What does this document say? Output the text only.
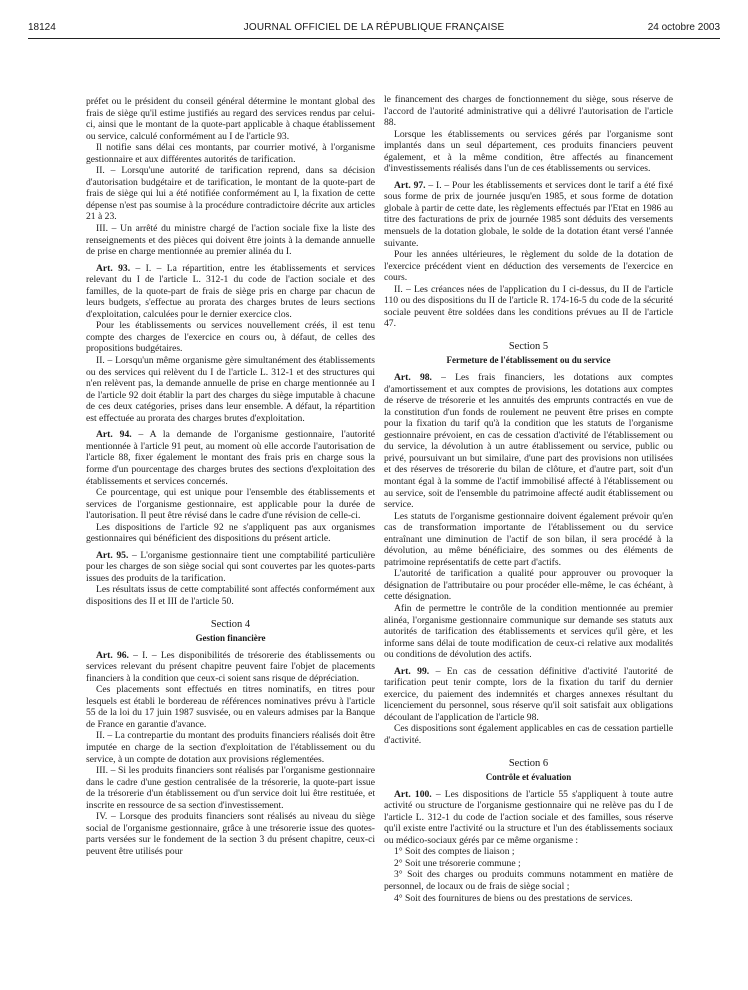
18124	JOURNAL OFFICIEL DE LA RÉPUBLIQUE FRANÇAISE	24 octobre 2003

préfet ou le président du conseil général détermine le montant global des frais de siège qu'il estime justifiés au regard des services rendus par celui-ci, ainsi que le montant de la quote-part applicable à chaque établissement ou service, calculé conformément au I de l'article 93.

Il notifie sans délai ces montants, par courrier motivé, à l'organisme gestionnaire et aux différentes autorités de tarification.

II. – Lorsqu'une autorité de tarification reprend, dans sa décision d'autorisation budgétaire et de tarification, le montant de la quote-part de frais de siège qui lui a été notifiée conformément au I, la fixation de cette dépense n'est pas soumise à la procédure contradictoire décrite aux articles 21 à 23.

III. – Un arrêté du ministre chargé de l'action sociale fixe la liste des renseignements et des pièces qui doivent être joints à la demande annuelle de prise en charge mentionnée au premier alinéa du I.

Art. 93. – I. – La répartition, entre les établissements et services relevant du I de l'article L. 312-1 du code de l'action sociale et des familles, de la quote-part de frais de siège pris en charge par chacun de leurs budgets, s'effectue au prorata des charges brutes de leurs sections d'exploitation, calculées pour le dernier exercice clos.

Pour les établissements ou services nouvellement créés, il est tenu compte des charges de l'exercice en cours ou, à défaut, de celles des propositions budgétaires.

II. – Lorsqu'un même organisme gère simultanément des établissements ou des services qui relèvent du I de l'article L. 312-1 et des structures qui n'en relèvent pas, la demande annuelle de prise en charge mentionnée au I de l'article 92 doit établir la part des charges du siège imputable à chacune de ces deux catégories, prises dans leur ensemble. A défaut, la répartition est effectuée au prorata des charges brutes d'exploitation.

Art. 94. – A la demande de l'organisme gestionnaire, l'autorité mentionnée à l'article 91 peut, au moment où elle accorde l'autorisation de l'article 88, fixer également le montant des frais pris en charge sous la forme d'un pourcentage des charges brutes des sections d'exploitation des établissements et services concernés.

Ce pourcentage, qui est unique pour l'ensemble des établissements et services de l'organisme gestionnaire, est applicable pour la durée de l'autorisation. Il peut être révisé dans le cadre d'une révision de celle-ci.

Les dispositions de l'article 92 ne s'appliquent pas aux organismes gestionnaires qui bénéficient des dispositions du présent article.

Art. 95. – L'organisme gestionnaire tient une comptabilité particulière pour les charges de son siège social qui sont couvertes par les quotes-parts issues des produits de la tarification.

Les résultats issus de cette comptabilité sont affectés conformément aux dispositions des II et III de l'article 50.

Section 4
Gestion financière

Art. 96. – I. – Les disponibilités de trésorerie des établissements ou services relevant du présent chapitre peuvent faire l'objet de placements financiers à la condition que ceux-ci soient sans risque de dépréciation.

Ces placements sont effectués en titres nominatifs, en titres pour lesquels est établi le bordereau de références nominatives prévu à l'article 55 de la loi du 17 juin 1987 susvisée, ou en valeurs admises par la Banque de France en garantie d'avance.

II. – La contrepartie du montant des produits financiers réalisés doit être imputée en charge de la section d'exploitation de l'établissement ou du service, à un compte de dotation aux provisions réglementées.

III. – Si les produits financiers sont réalisés par l'organisme gestionnaire dans le cadre d'une gestion centralisée de la trésorerie, la quote-part issue de la trésorerie d'un établissement ou d'un service doit lui être restituée, et inscrite en ressource de sa section d'investissement.

IV. – Lorsque des produits financiers sont réalisés au niveau du siège social de l'organisme gestionnaire, grâce à une trésorerie issue des quotes-parts versées sur le fondement de la section 3 du présent chapitre, ceux-ci peuvent être utilisés pour

le financement des charges de fonctionnement du siège, sous réserve de l'accord de l'autorité administrative qui a délivré l'autorisation de l'article 88.

Lorsque les établissements ou services gérés par l'organisme sont implantés dans un seul département, ces produits financiers peuvent également, et à la même condition, être affectés au financement d'investissements réalisés dans l'un de ces établissements ou services.

Art. 97. – I. – Pour les établissements et services dont le tarif a été fixé sous forme de prix de journée jusqu'en 1985, et sous forme de dotation globale à partir de cette date, les règlements effectués par l'Etat en 1986 au titre des facturations de prix de journée 1985 sont déduits des versements mensuels de la dotation globale, le solde de la dotation étant versé l'année suivante.

Pour les années ultérieures, le règlement du solde de la dotation de l'exercice précédent vient en déduction des versements de l'exercice en cours.

II. – Les créances nées de l'application du I ci-dessus, du II de l'article 110 ou des dispositions du II de l'article R. 174-16-5 du code de la sécurité sociale peuvent être soldées dans les conditions prévues au II de l'article 47.

Section 5
Fermeture de l'établissement ou du service

Art. 98. – Les frais financiers, les dotations aux comptes d'amortissement et aux comptes de provisions, les dotations aux comptes de réserve de trésorerie et les annuités des emprunts contractés en vue de la constitution d'un fonds de roulement ne peuvent être prises en compte pour la fixation du tarif qu'à la condition que les statuts de l'organisme gestionnaire prévoient, en cas de cessation d'activité de l'établissement ou du service, la dévolution à un autre établissement ou service, public ou privé, poursuivant un but similaire, d'une part des provisions non utilisées et des réserves de trésorerie du bilan de clôture, et d'autre part, soit d'un montant égal à la somme de l'actif immobilisé affecté à l'établissement ou au service, soit de l'ensemble du patrimoine affecté audit établissement ou service.

Les statuts de l'organisme gestionnaire doivent également prévoir qu'en cas de transformation importante de l'établissement ou du service entraînant une diminution de l'actif de son bilan, il sera procédé à la dévolution, au même bénéficiaire, des sommes ou des éléments de patrimoine représentatifs de cette part d'actifs.

L'autorité de tarification a qualité pour approuver ou provoquer la désignation de l'attributaire ou pour procéder elle-même, le cas échéant, à cette désignation.

Afin de permettre le contrôle de la condition mentionnée au premier alinéa, l'organisme gestionnaire communique sur demande ses statuts aux autorités de tarification des établissements et services qu'il gère, et les informe sans délai de toute modification de ceux-ci relative aux modalités ou conditions de dévolution des actifs.

Art. 99. – En cas de cessation définitive d'activité l'autorité de tarification peut tenir compte, lors de la fixation du tarif du dernier exercice, du paiement des indemnités et charges annexes résultant du licenciement du personnel, sous réserve qu'il soit satisfait aux obligations découlant de l'application de l'article 98.

Ces dispositions sont également applicables en cas de cessation partielle d'activité.

Section 6
Contrôle et évaluation

Art. 100. – Les dispositions de l'article 55 s'appliquent à toute autre activité ou structure de l'organisme gestionnaire qui ne relève pas du I de l'article L. 312-1 du code de l'action sociale et des familles, sous réserve qu'il existe entre l'activité ou la structure et l'un des établissements sociaux ou médico-sociaux gérés par ce même organisme :

1° Soit des comptes de liaison ;

2° Soit une trésorerie commune ;

3° Soit des charges ou produits communs notamment en matière de personnel, de locaux ou de frais de siège social ;

4° Soit des fournitures de biens ou des prestations de services.
